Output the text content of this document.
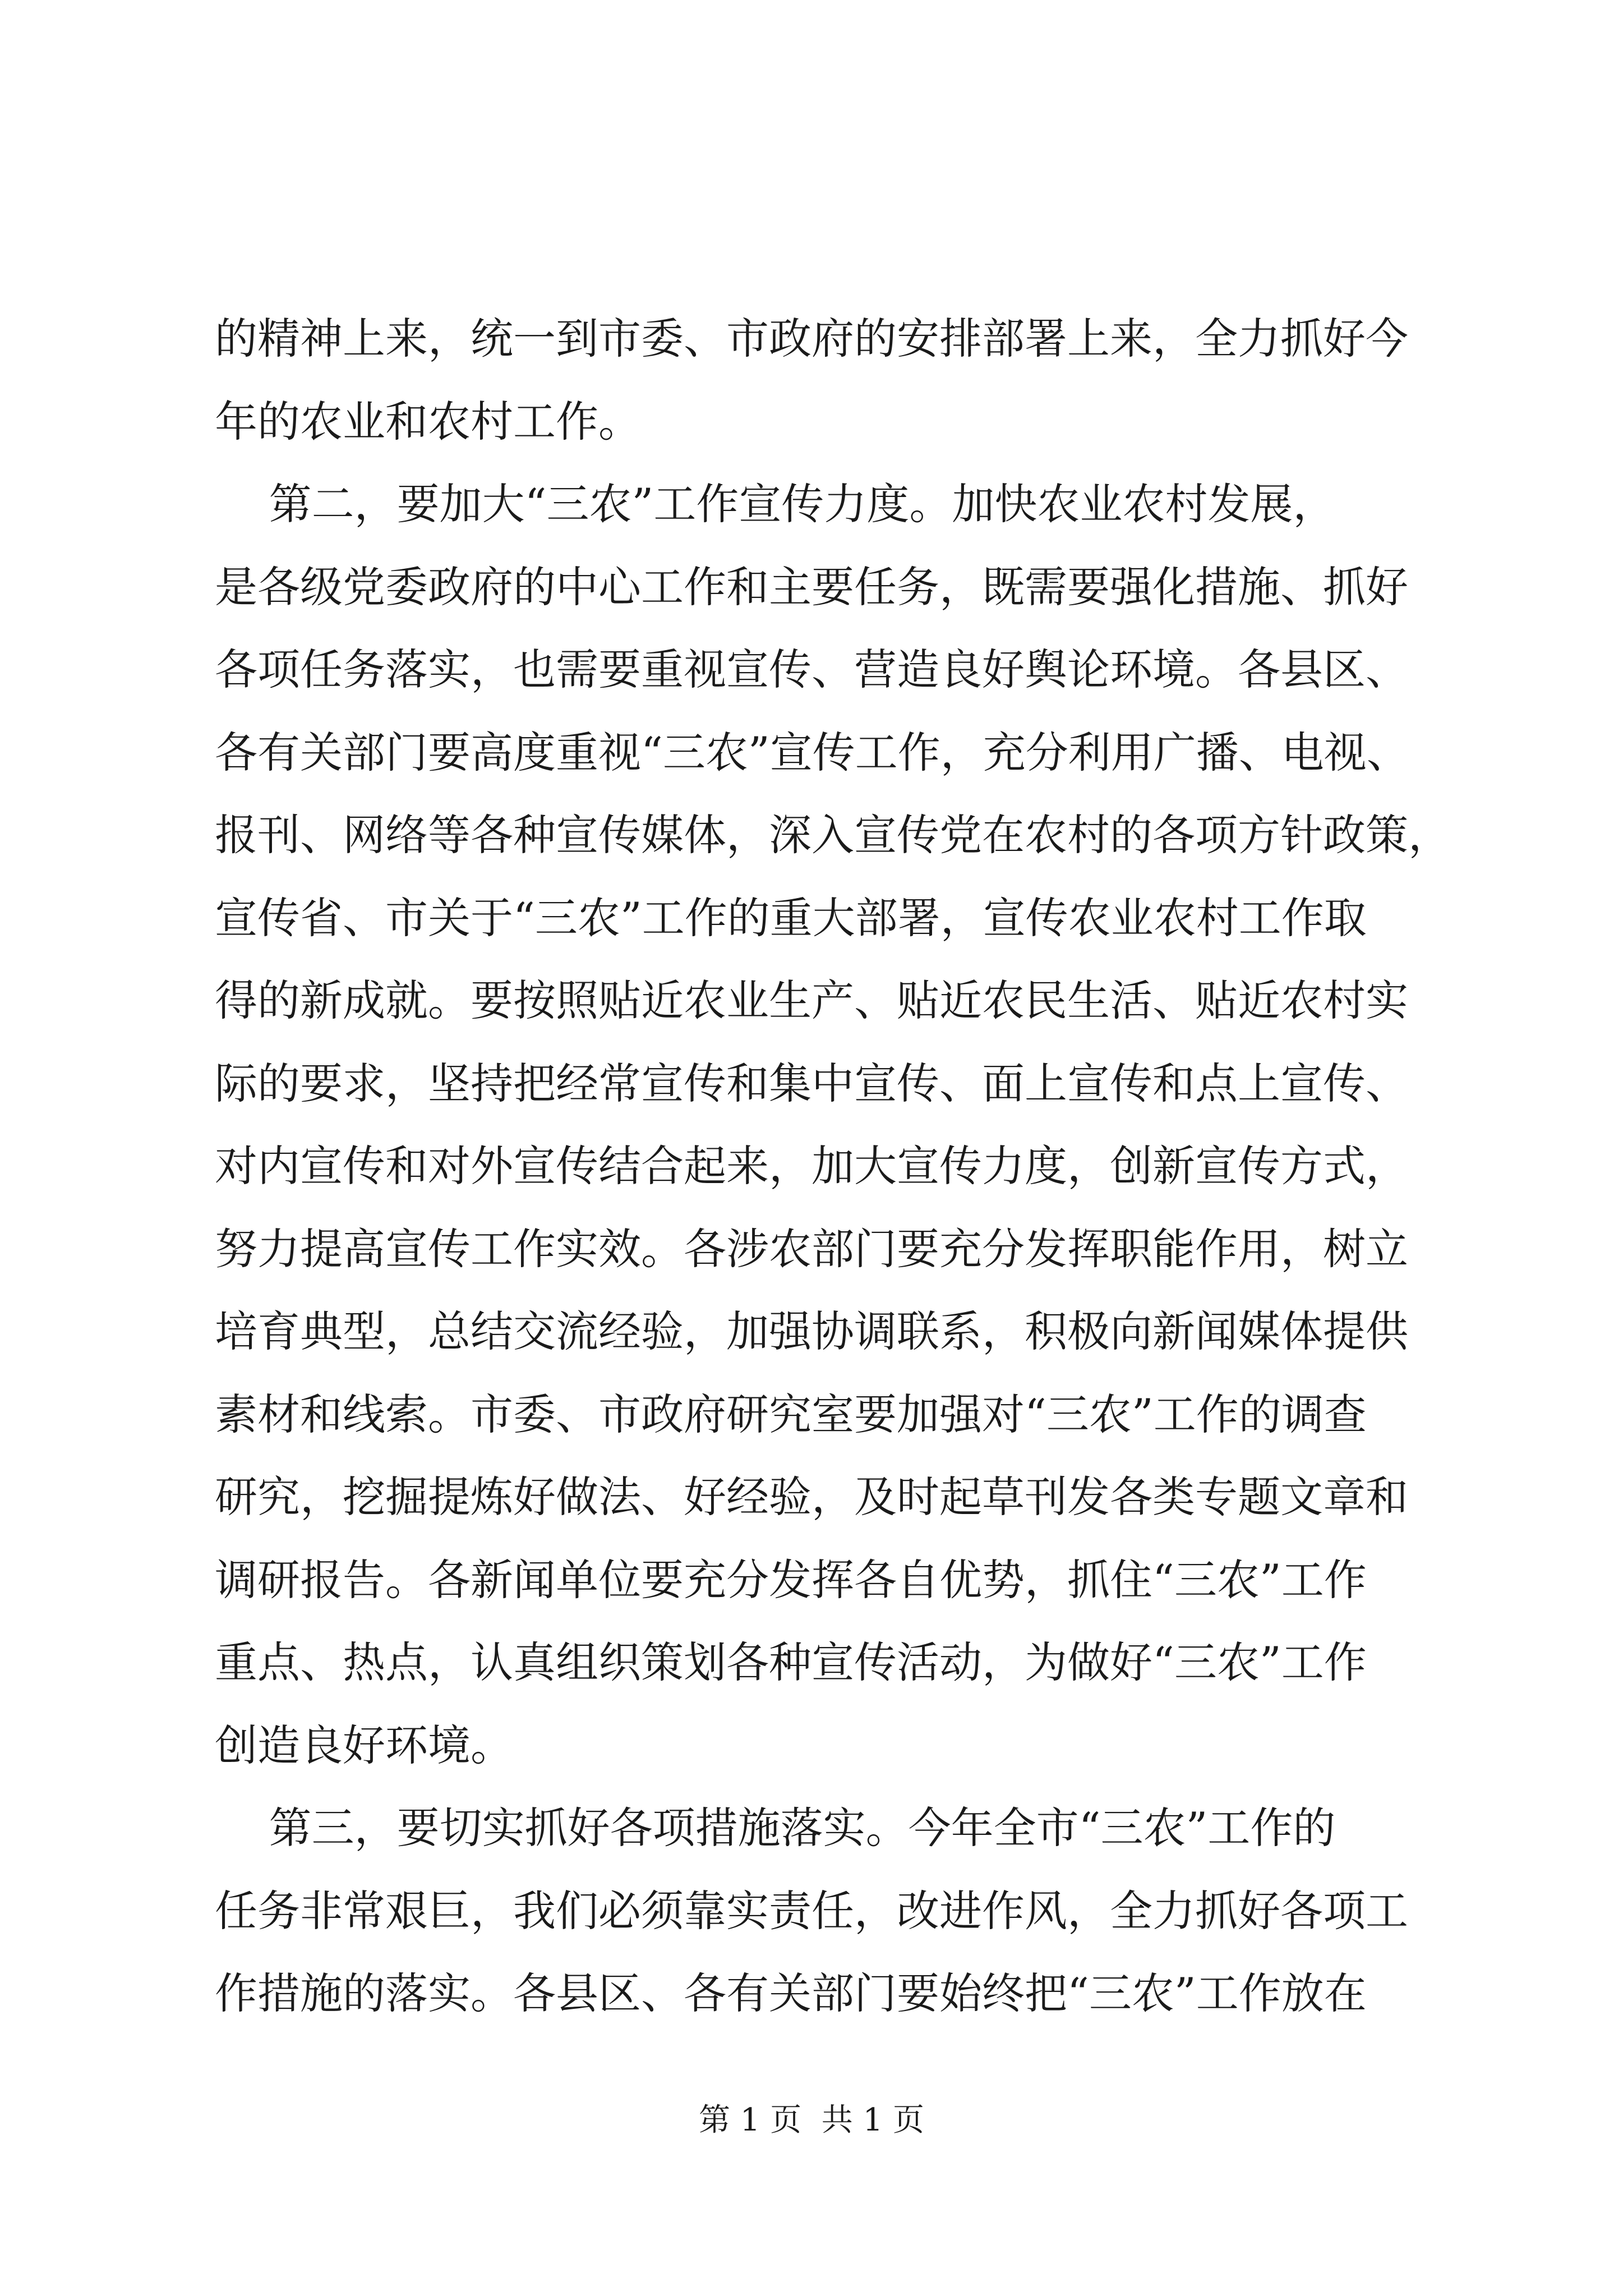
的精神上来，统一到市委、市政府的安排部署上来，全力抓好今
年的农业和农村工作。
第二，要加大“三农”工作宣传力度。加快农业农村发展，
是各级党委政府的中心工作和主要任务，既需要强化措施、抓好
各项任务落实，也需要重视宣传、营造良好舆论环境。各县区、
各有关部门要高度重视“三农”宣传工作，充分利用广播、电视、
报刊、网络等各种宣传媒体，深入宣传党在农村的各项方针政策，
宣传省、市关于“三农”工作的重大部署，宣传农业农村工作取
得的新成就。要按照贴近农业生产、贴近农民生活、贴近农村实
际的要求，坚持把经常宣传和集中宣传、面上宣传和点上宣传、
对内宣传和对外宣传结合起来，加大宣传力度，创新宣传方式，
努力提高宣传工作实效。各涉农部门要充分发挥职能作用，树立
培育典型，总结交流经验，加强协调联系，积极向新闻媒体提供
素材和线索。市委、市政府研究室要加强对“三农”工作的调查
研究，挖掘提炼好做法、好经验，及时起草刊发各类专题文章和
调研报告。各新闻单位要充分发挥各自优势，抓住“三农”工作
重点、热点，认真组织策划各种宣传活动，为做好“三农”工作
创造良好环境。
第三，要切实抓好各项措施落实。今年全市“三农”工作的
任务非常艰巨，我们必须靠实责任，改进作风，全力抓好各项工
作措施的落实。各县区、各有关部门要始终把“三农”工作放在
第 1 页  共 1 页
